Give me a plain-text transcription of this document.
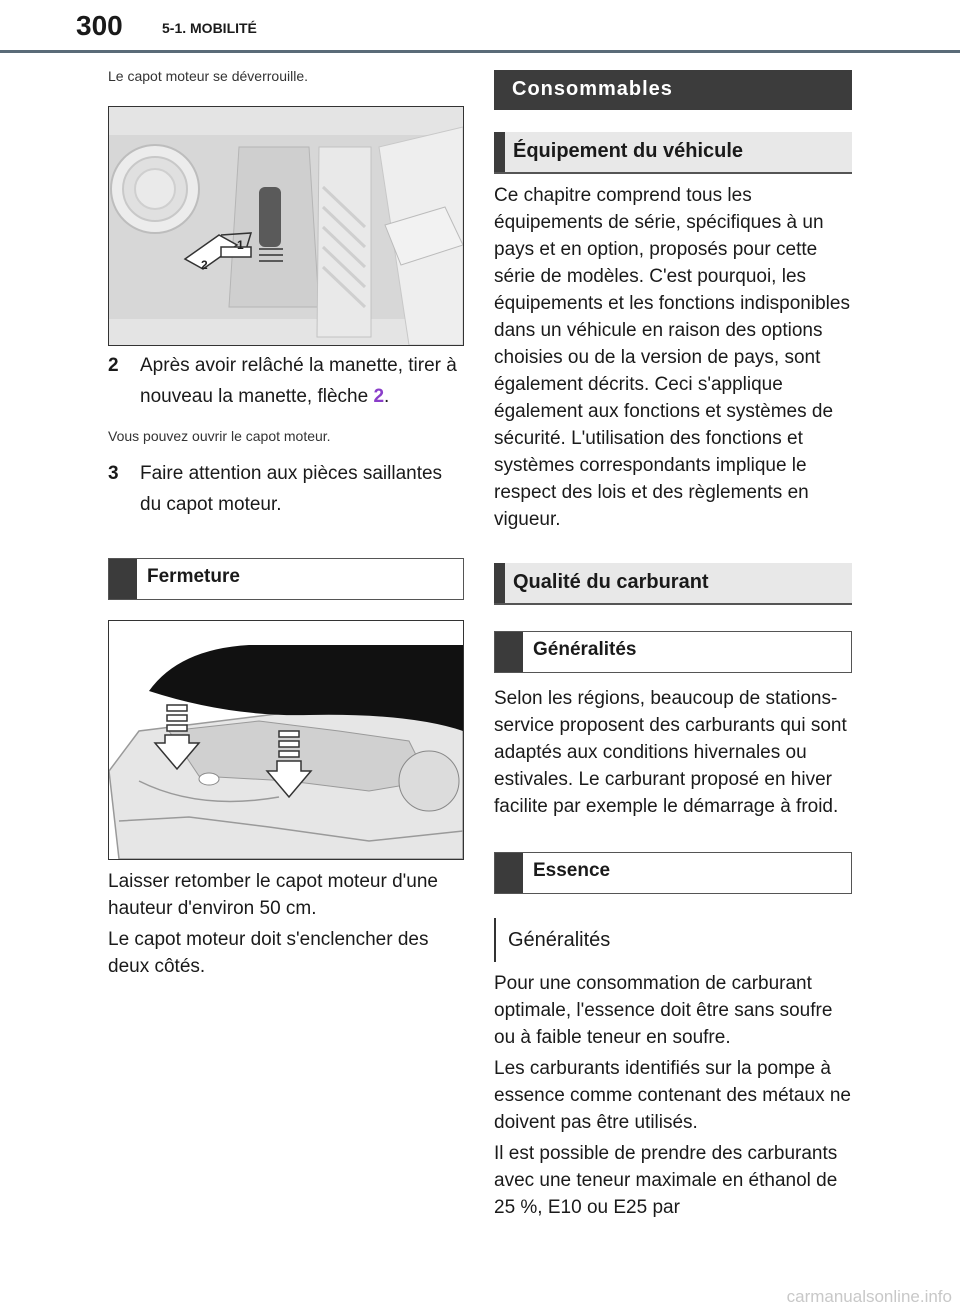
300	5-1. MOBILITÉ
Le capot moteur se déverrouille.
1
2
2	Après avoir relâché la manette, tirer à nouveau la manette, flèche 2.
Vous pouvez ouvrir le capot moteur.
3	Faire attention aux pièces saillantes du capot moteur.
Fermeture

Laisser retomber le capot moteur d'une hauteur d'environ 50 cm.

Le capot moteur doit s'enclencher des deux côtés.

Consommables
Équipement du véhicule

Ce chapitre comprend tous les équipements de série, spécifiques à un pays et en option, proposés pour cette série de modèles. C'est pourquoi, les équipements et les fonctions indisponibles dans un véhicule en raison des options choisies ou de la version de pays, sont également décrits. Ceci s'applique également aux fonctions et systèmes de sécurité. L'utilisation des fonctions et systèmes correspondants implique le respect des lois et des règlements en vigueur.

Qualité du carburant
Généralités

Selon les régions, beaucoup de stations-service proposent des carburants qui sont adaptés aux conditions hivernales ou estivales. Le carburant proposé en hiver facilite par exemple le démarrage à froid.

Essence
Généralités

Pour une consommation de carburant optimale, l'essence doit être sans soufre ou à faible teneur en soufre.

Les carburants identifiés sur la pompe à essence comme contenant des métaux ne doivent pas être utilisés.

Il est possible de prendre des carburants avec une teneur maximale en éthanol de 25 %, E10 ou E25 par

carmanualsonline.info
